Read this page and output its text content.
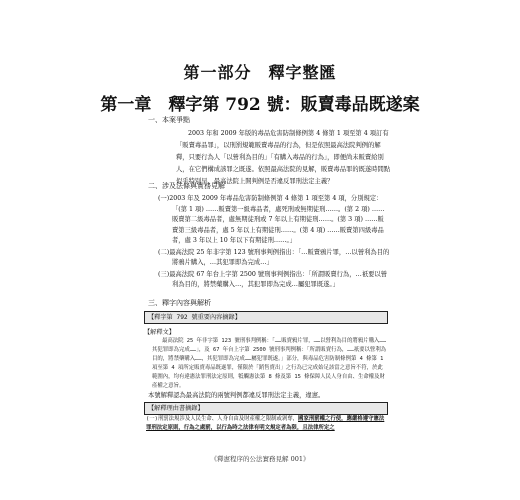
第一部分　釋字整匯
第一章　釋字第 792 號：販賣毒品既遂案
一、本案爭點
2003 年和 2009 年版的毒品危害防制條例第 4 條第 1 項至第 4 項訂有「販賣毒品罪」，以刑罰規範販賣毒品的行為，但是依照最高法院判例的解釋，只要行為人「以營利為目的」「有購入毒品的行為」，即便尚未販賣給別人，在它們構成該罪之既遂。依照最高法院的見解，販賣毒品罪的既遂時間點似乎特別早，最高法院上開判例是否違反罪刑法定主義？
二、涉及法條與實務見解
(一)2003 年及 2009 年毒品危害防制條例第 4 條第 1 項至第 4 項，分別規定：「(第 1 項) ……販賣第一級毒品者，處死刑或無期徒刑……。(第 2 項) ……販賣第二級毒品者，處無期徒刑或 7 年以上有期徒刑……。(第 3 項) ……販賣第三級毒品者，處 5 年以上有期徒刑……。(第 4 項) ……販賣第四級毒品者，處 3 年以上 10 年以下有期徒刑……。」
(二)最高法院 25 年非字第 123 號刑事判例指出：「…販賣鴉片罪，…以營利為目的將鴉片購入，…其犯罪即為完成…」
(三)最高法院 67 年台上字第 2500 號刑事判例指出：「所謂販賣行為，…祇要以營利為目的，將禁藥購入…，其犯罪即為完成…屬犯罪既遂。」
三、釋字內容與解析
【釋字第 792 號重要內容摘錄】
【解釋文】
最高法院 25 年非字第 123 號刑事判例稱：「……販賣鴉片罪，……以營利為目的將鴉片購入……其犯罪即為完成……」，及 67 年台上字第 2500 號刑事判例稱：「所謂販賣行為，……祇要以營利為目的，將禁藥購入……，其犯罪即為完成……屬犯罪既遂。」部分，與毒品危害防制條例第 4 條第 1 項至第 4 項所定販賣毒品既遂罪，僅限於「銷售賣出」之行為已完成始足該當之意旨不符，於此範圍內，均有違憲法罪刑法定原則，牴觸憲法第 8 條及第 15 條保障人民人身自由、生命權及財產權之意旨。
本號解釋認為最高法院的兩號判例都違反罪刑法定主義，違憲。
【解釋理由書摘錄】
(一)刑罰法規涉及人民生命、人身自由及財產權之限制或剝奪，國家刑罰權之行使，應嚴格遵守憲法罪刑法定原則，行為之處罰，以行為時之法律有明文規定者為限，且法律所定之
《釋憲程序的公法實務見解 001》
